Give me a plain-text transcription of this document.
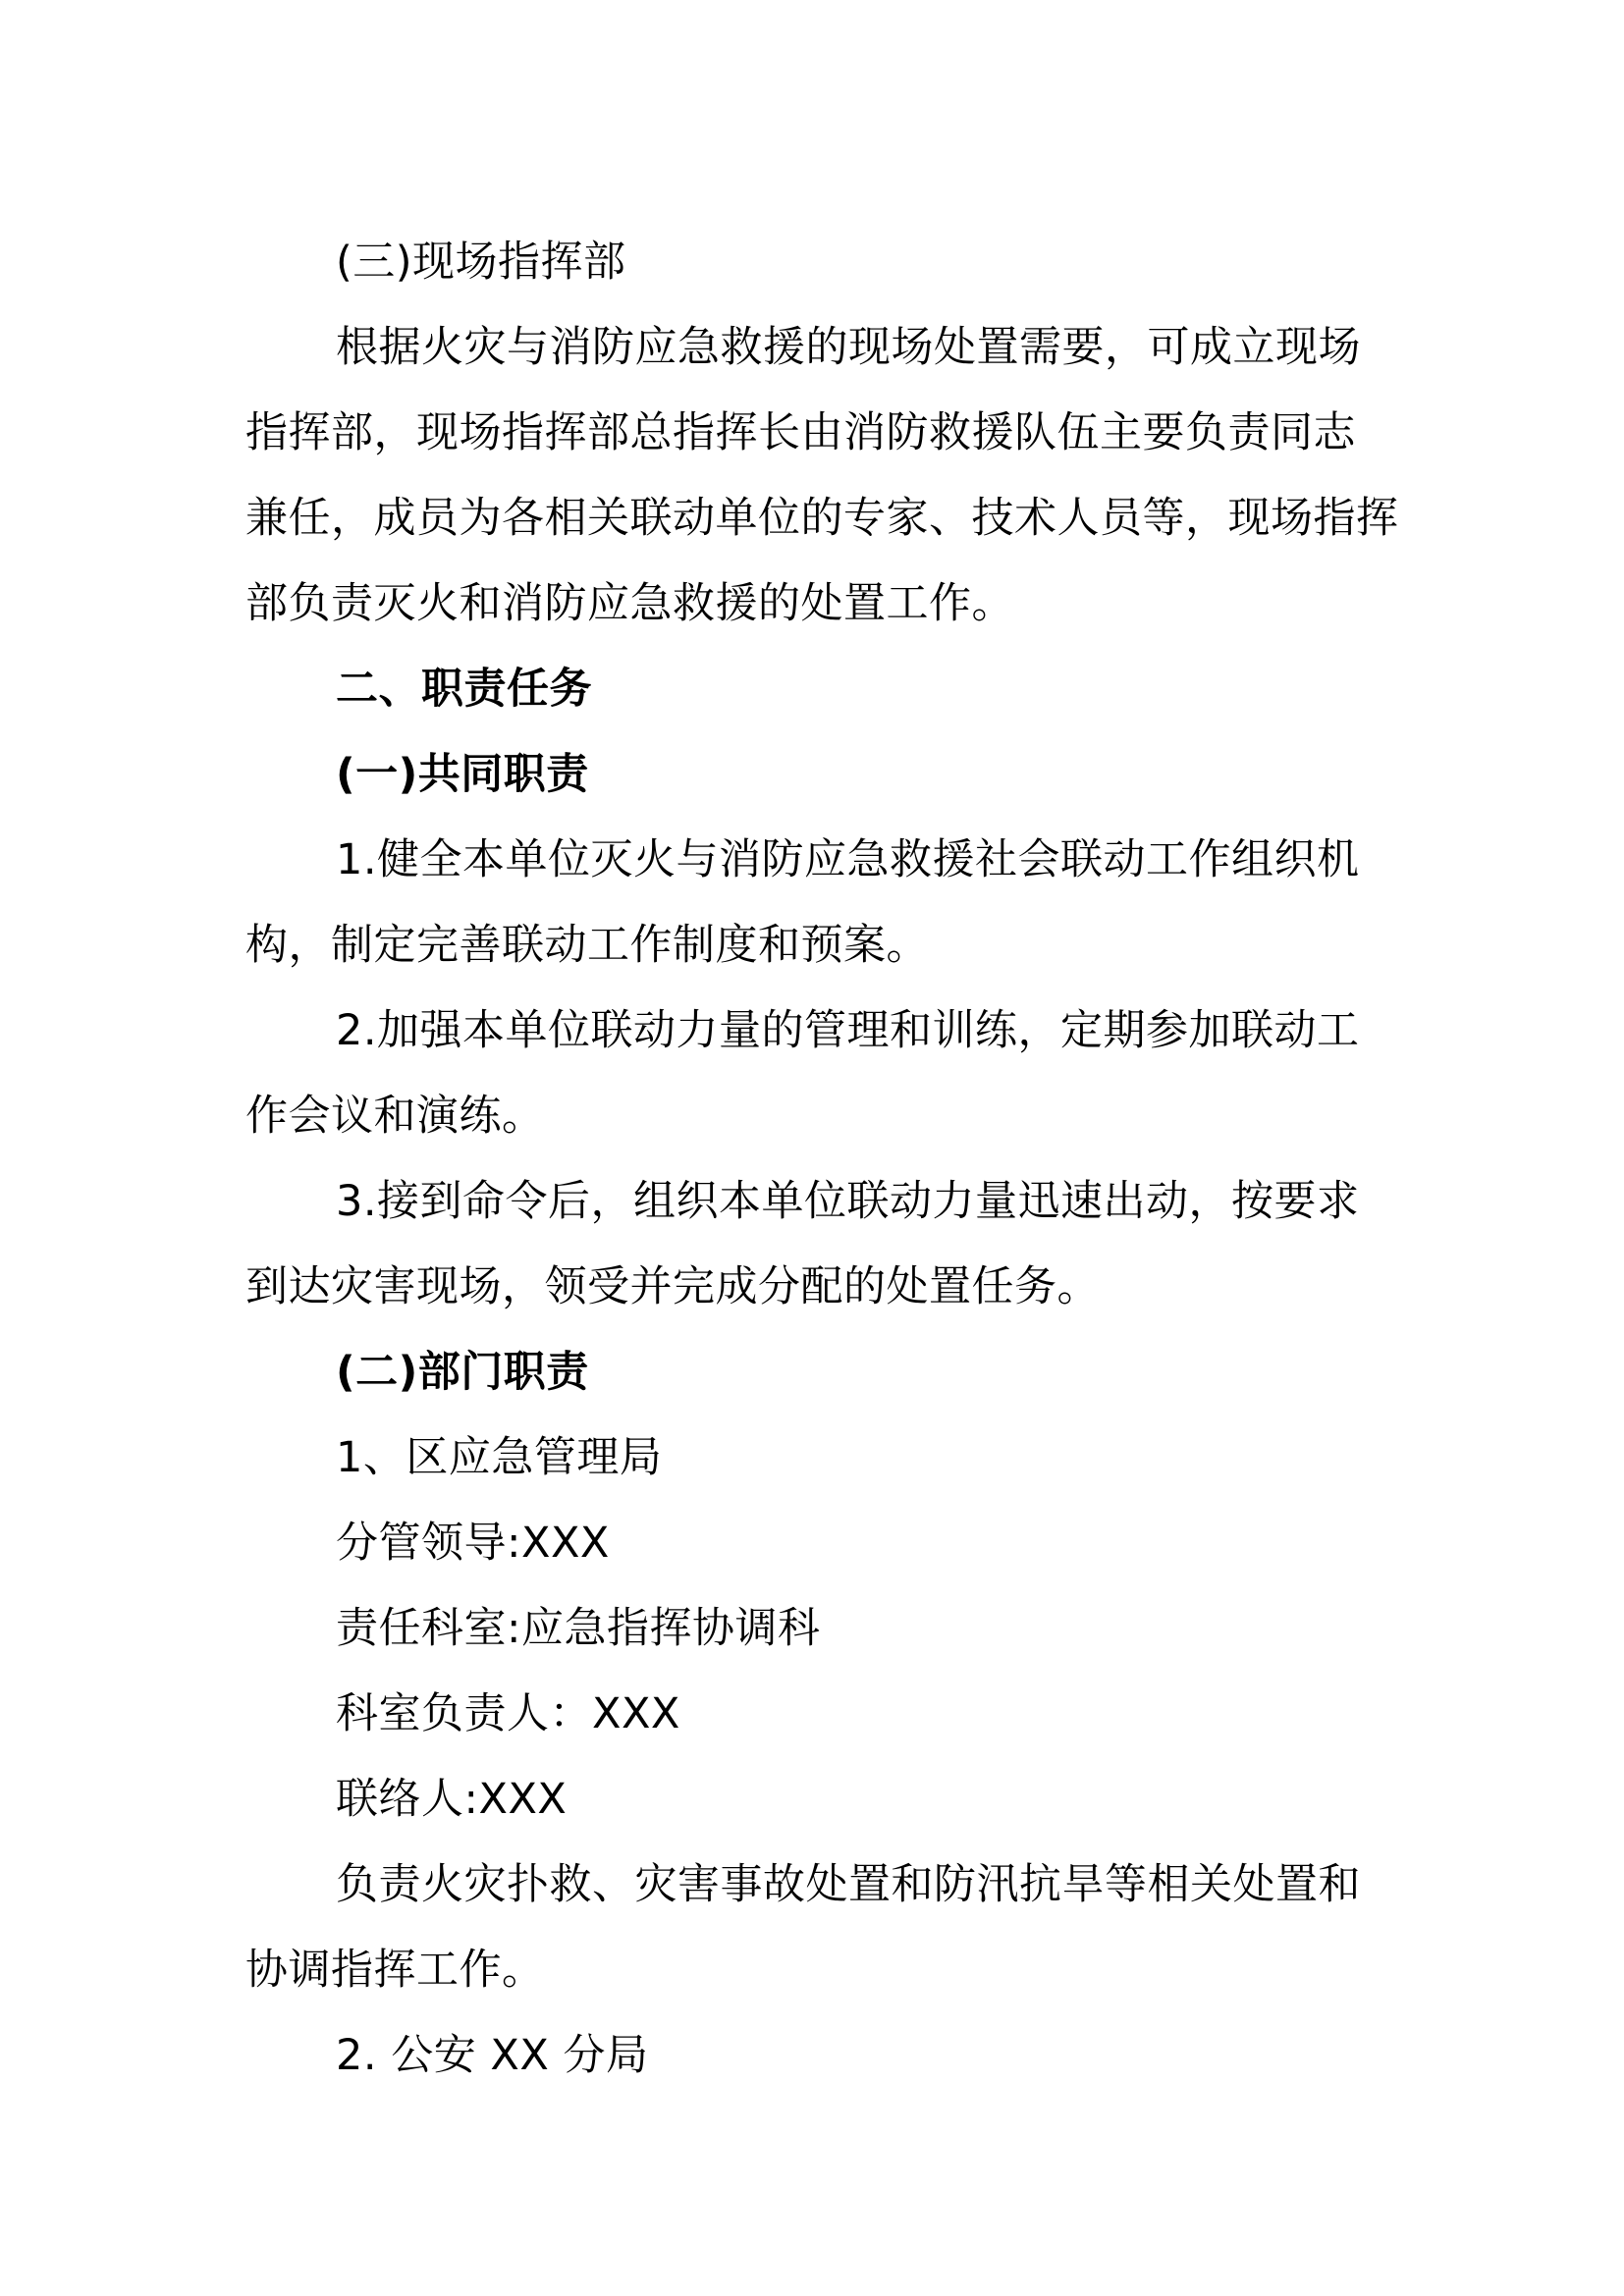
(三)现场指挥部

根据火灾与消防应急救援的现场处置需要，可成立现场

指挥部，现场指挥部总指挥长由消防救援队伍主要负责同志

兼任，成员为各相关联动单位的专家、技术人员等，现场指挥

部负责灭火和消防应急救援的处置工作。

二、职责任务

(一)共同职责

1.健全本单位灭火与消防应急救援社会联动工作组织机

构，制定完善联动工作制度和预案。

2.加强本单位联动力量的管理和训练，定期参加联动工

作会议和演练。

3.接到命令后，组织本单位联动力量迅速出动，按要求

到达灾害现场，领受并完成分配的处置任务。

(二)部门职责

1、区应急管理局

分管领导:XXX

责任科室:应急指挥协调科

科室负责人：XXX

联络人:XXX

负责火灾扑救、灾害事故处置和防汛抗旱等相关处置和

协调指挥工作。

2. 公安 XX 分局
